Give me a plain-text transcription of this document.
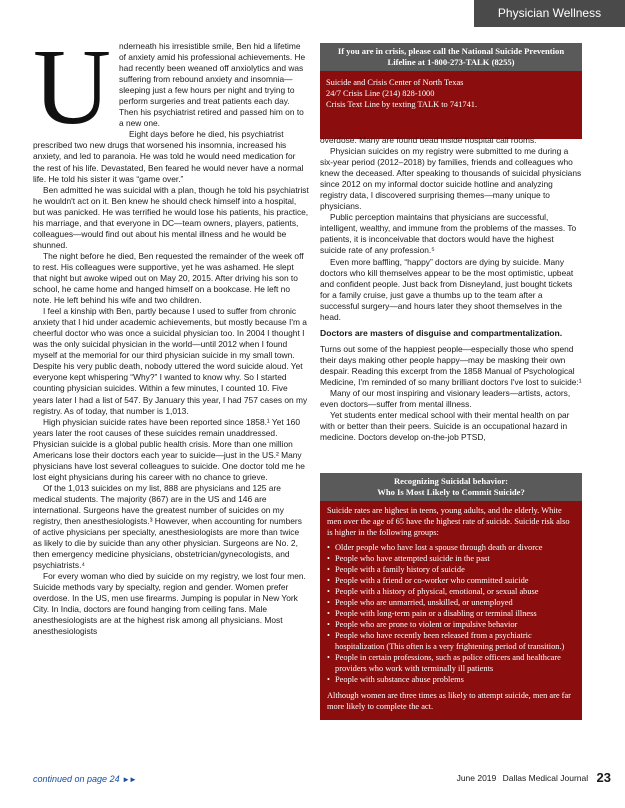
Physician Wellness
U nderneath his irresistible smile, Ben hid a lifetime of anxiety amid his professional achievements. He had recently been weaned off anxiolytics and was suffering from rebound anxiety and insomnia—sleeping just a few hours per night and trying to perform surgeries and treat patients each day. Then his psychiatrist retired and passed him on to a new one.

Eight days before he died, his psychiatrist prescribed two new drugs that worsened his insomnia, increased his anxiety, and led to paranoia. He was told he would need medication for the rest of his life. Devastated, Ben feared he would never have a normal life. He told his sister it was “game over.”

Ben admitted he was suicidal with a plan, though he told his psychiatrist he wouldn't act on it. Ben knew he should check himself into a hospital, but was panicked. He was terrified he would lose his patients, his practice, his marriage, and that everyone in DC—team owners, players, patients, colleagues—would find out about his mental illness and he would be shunned.

The night before he died, Ben requested the remainder of the week off to rest. His colleagues were supportive, yet he was ashamed. He slept that night but awoke wiped out on May 20, 2015. After driving his son to school, he came home and hanged himself on a bookcase. He left no note. He left behind his wife and two children.

I feel a kinship with Ben, partly because I used to suffer from chronic anxiety that I hid under academic achievements, but mostly because I'm a cheerful doctor who was once a suicidal physician too. In 2004 I thought I was the only suicidal physician in the world—until 2012 when I found myself at the memorial for our third physician suicide in my small town. Despite his very public death, nobody uttered the word suicide aloud. Yet everyone kept whispering “Why?” I wanted to know why. So I started counting physician suicides. Within a few minutes, I counted 10. Five years later I had a list of 547. By January this year, I had 757 cases on my registry. As of today, that number is 1,013.

High physician suicide rates have been reported since 1858.¹ Yet 160 years later the root causes of these suicides remain unaddressed. Physician suicide is a global public health crisis. More than one million Americans lose their doctors each year to suicide—just in the US.² Many physicians have lost several colleagues to suicide. One doctor told me he lost eight physicians during his career with no chance to grieve.

Of the 1,013 suicides on my list, 888 are physicians and 125 are medical students. The majority (867) are in the US and 146 are international. Surgeons have the greatest number of suicides on my registry, then anesthesiologists.³ However, when accounting for numbers of active physicians per specialty, anesthesiologists are more than twice as likely to die by suicide than any other physician. Surgeons are No. 2, then emergency medicine physicians, obstetrician/gynecologists, and psychiatrists.⁴

For every woman who died by suicide on my registry, we lost four men. Suicide methods vary by specialty, region and gender. Women prefer overdose. In the US, men use firearms. Jumping is popular in New York City. In India, doctors are found hanging from ceiling fans. Male anesthesiologists are at the highest risk among all physicians. Most anesthesiologists

If you are in crisis, please call the National Suicide Prevention Lifeline at 1-800-273-TALK (8255)
Suicide and Crisis Center of North Texas
24/7 Crisis Line (214) 828-1000
Crisis Text Line by texting TALK to 741741.

overdose. Many are found dead inside hospital call rooms.

Physician suicides on my registry were submitted to me during a six-year period (2012–2018) by families, friends and colleagues who knew the deceased. After speaking to thousands of suicidal physicians since 2012 on my informal doctor suicide hotline and analyzing registry data, I discovered surprising themes—many unique to physicians.

Public perception maintains that physicians are successful, intelligent, wealthy, and immune from the problems of the masses. To patients, it is inconceivable that doctors would have the highest suicide rate of any profession.⁵

Even more baffling, “happy” doctors are dying by suicide. Many doctors who kill themselves appear to be the most optimistic, upbeat and confident people. Just back from Disneyland, just bought tickets for a family cruise, just gave a thumbs up to the team after a successful surgery—and hours later they shoot themselves in the head.

Doctors are masters of disguise and compartmentalization.

Turns out some of the happiest people—especially those who spend their days making other people happy—may be masking their own despair. Reading this excerpt from the 1858 Manual of Psychological Medicine, I'm reminded of so many brilliant doctors I've lost to suicide:¹

Many of our most inspiring and visionary leaders—artists, actors, even doctors—suffer from mental illness.

Yet students enter medical school with their mental health on par with or better than their peers. Suicide is an occupational hazard in medicine. Doctors develop on-the-job PTSD,

Recognizing Suicidal behavior:
Who Is Most Likely to Commit Suicide?
Suicide rates are highest in teens, young adults, and the elderly. White men over the age of 65 have the highest rate of suicide. Suicide risk also is higher in the following groups:
• Older people who have lost a spouse through death or divorce
• People who have attempted suicide in the past
• People with a family history of suicide
• People with a friend or co-worker who committed suicide
• People with a history of physical, emotional, or sexual abuse
• People who are unmarried, unskilled, or unemployed
• People with long-term pain or a disabling or terminal illness
• People who are prone to violent or impulsive behavior
• People who have recently been released from a psychiatric hospitalization (This often is a very frightening period of transition.)
• People in certain professions, such as police officers and healthcare providers who work with terminally ill patients
• People with substance abuse problems
Although women are three times as likely to attempt suicide, men are far more likely to complete the act.
continued on page 24 ►►	June 2019 Dallas Medical Journal 23
